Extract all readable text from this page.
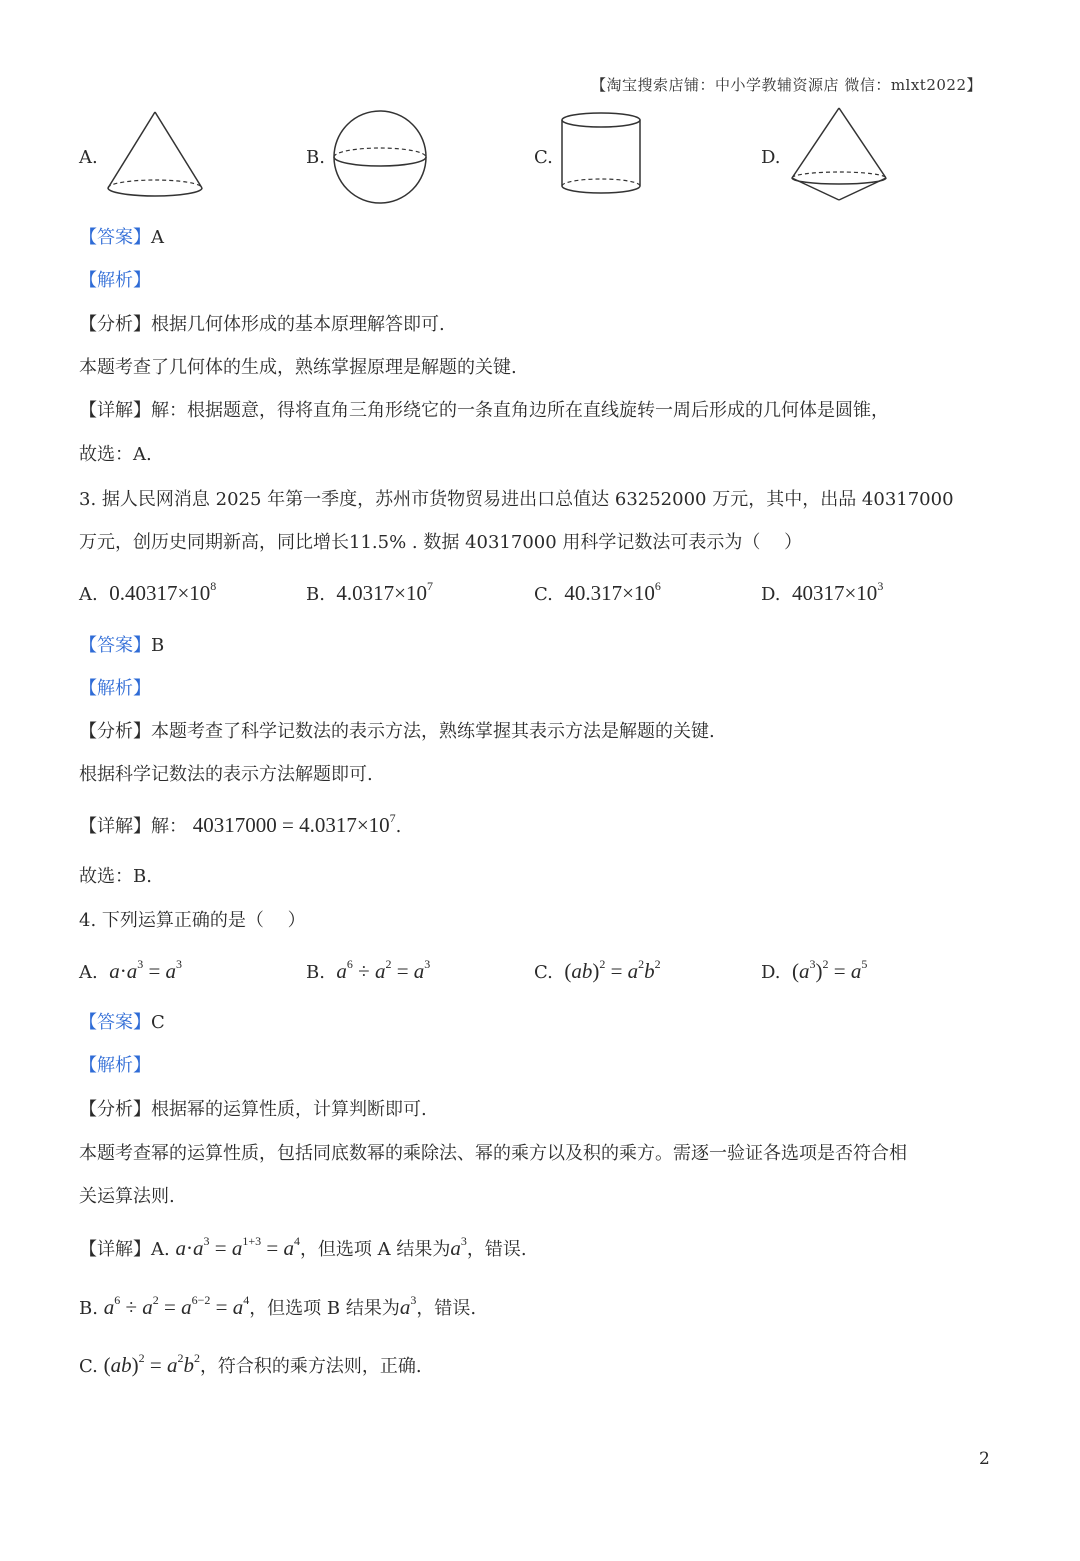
【淘宝搜索店铺：中小学教辅资源店 微信：mlxt2022】
A.	B.	C.	D.
【答案】A
【解析】
【分析】根据几何体形成的基本原理解答即可.
本题考查了几何体的生成，熟练掌握原理是解题的关键.
【详解】解：根据题意，得将直角三角形绕它的一条直角边所在直线旋转一周后形成的几何体是圆锥，
故选：A.
3. 据人民网消息 2025 年第一季度，苏州市货物贸易进出口总值达 63252000 万元，其中，出品 40317000
万元，创历史同期新高，同比增长11.5% . 数据 40317000 用科学记数法可表示为（　 ）
A. $0.40317\times 10^8$	B. $4.0317\times 10^7$	C. $40.317\times 10^6$	D. $40317\times 10^3$
【答案】B
【解析】
【分析】本题考查了科学记数法的表示方法，熟练掌握其表示方法是解题的关键.
根据科学记数法的表示方法解题即可.
【详解】解： $40317000 = 4.0317\times 10^7$.
故选：B.
4. 下列运算正确的是（　 ）
A. $a\cdot a^3 = a^3$	B. $a^6 \div a^2 = a^3$	C. $(ab)^2 = a^2b^2$	D. $(a^3)^2 = a^5$
【答案】C
【解析】
【分析】根据幂的运算性质，计算判断即可.
本题考查幂的运算性质，包括同底数幂的乘除法、幂的乘方以及积的乘方。需逐一验证各选项是否符合相
关运算法则.
【详解】A. $a\cdot a^3 = a^{1+3} = a^4$，但选项 A 结果为$a^3$，错误.
B. $a^6 \div a^2 = a^{6-2} = a^4$，但选项 B 结果为$a^3$，错误.
C. $(ab)^2 = a^2b^2$，符合积的乘方法则，正确.
2
